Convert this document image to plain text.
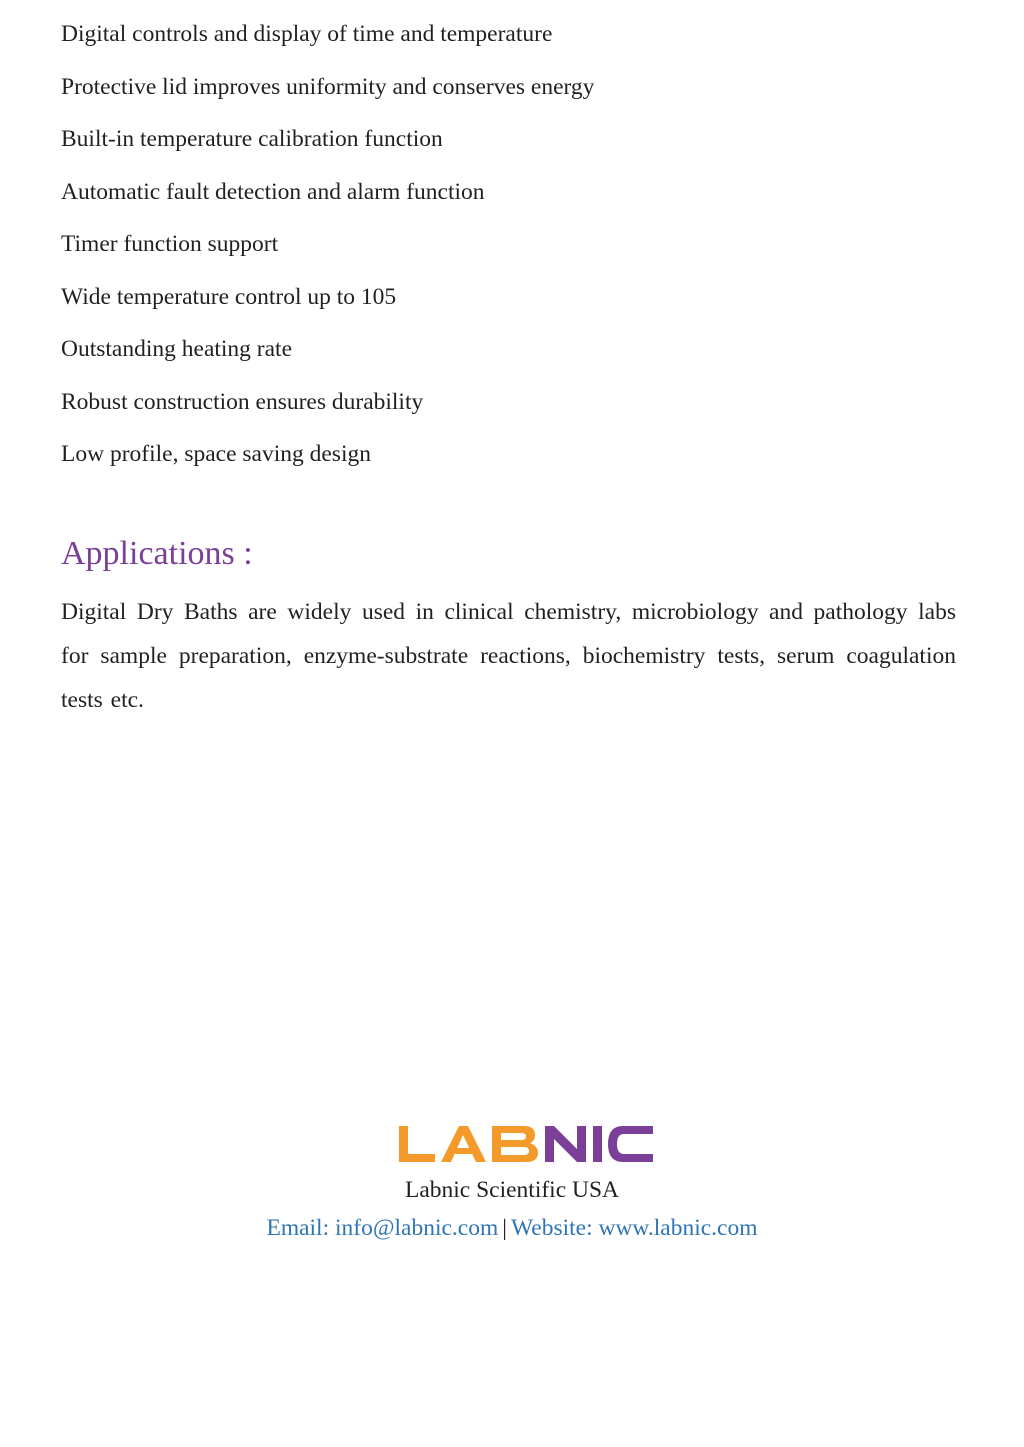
Digital controls and display of time and temperature
Protective lid improves uniformity and conserves energy
Built-in temperature calibration function
Automatic fault detection and alarm function
Timer function support
Wide temperature control up to 105
Outstanding heating rate
Robust construction ensures durability
Low profile, space saving design
Applications :

Digital Dry Baths are widely used in clinical chemistry, microbiology and pathology labs for sample preparation, enzyme-substrate reactions, biochemistry tests, serum coagulation tests etc.

Labnic Scientific USA
Email: info@labnic.com | Website: www.labnic.com
